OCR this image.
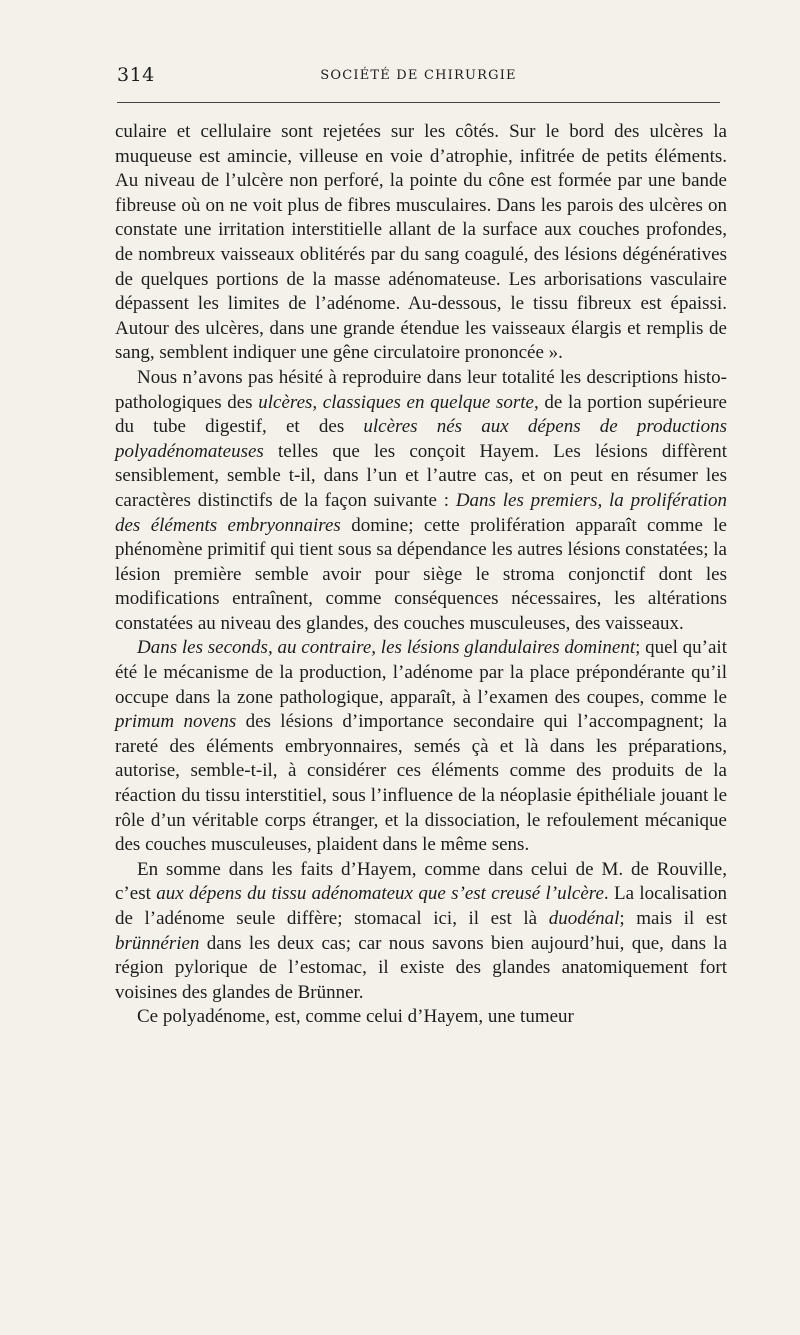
314	SOCIÉTÉ DE CHIRURGIE

culaire et cellulaire sont rejetées sur les côtés. Sur le bord des ulcères la muqueuse est amincie, villeuse en voie d’atrophie, infitrée de petits éléments. Au niveau de l’ulcère non perforé, la pointe du cône est formée par une bande fibreuse où on ne voit plus de fibres musculaires. Dans les parois des ulcères on constate une irritation interstitielle allant de la surface aux couches profondes, de nombreux vaisseaux oblitérés par du sang coagulé, des lésions dégénératives de quelques portions de la masse adénomateuse. Les arborisations vasculaire dépassent les limites de l’adénome. Au-dessous, le tissu fibreux est épaissi. Autour des ulcères, dans une grande étendue les vaisseaux élargis et remplis de sang, semblent indiquer une gêne circulatoire prononcée ».

Nous n’avons pas hésité à reproduire dans leur totalité les descriptions histo-pathologiques des ulcères, classiques en quelque sorte, de la portion supérieure du tube digestif, et des ulcères nés aux dépens de productions polyadénomateuses telles que les conçoit Hayem. Les lésions diffèrent sensiblement, semble t-il, dans l’un et l’autre cas, et on peut en résumer les caractères distinctifs de la façon suivante : Dans les premiers, la prolifération des éléments embryonnaires domine; cette prolifération apparaît comme le phénomène primitif qui tient sous sa dépendance les autres lésions constatées; la lésion première semble avoir pour siège le stroma conjonctif dont les modifications entraînent, comme conséquences nécessaires, les altérations constatées au niveau des glandes, des couches musculeuses, des vaisseaux.

Dans les seconds, au contraire, les lésions glandulaires dominent; quel qu’ait été le mécanisme de la production, l’adénome par la place prépondérante qu’il occupe dans la zone pathologique, apparaît, à l’examen des coupes, comme le primum novens des lésions d’importance secondaire qui l’accompagnent; la rareté des éléments embryonnaires, semés çà et là dans les préparations, autorise, semble-t-il, à considérer ces éléments comme des produits de la réaction du tissu interstitiel, sous l’influence de la néoplasie épithéliale jouant le rôle d’un véritable corps étranger, et la dissociation, le refoulement mécanique des couches musculeuses, plaident dans le même sens.

En somme dans les faits d’Hayem, comme dans celui de M. de Rouville, c’est aux dépens du tissu adénomateux que s’est creusé l’ulcère. La localisation de l’adénome seule diffère; stomacal ici, il est là duodénal; mais il est brünnérien dans les deux cas; car nous savons bien aujourd’hui, que, dans la région pylorique de l’estomac, il existe des glandes anatomiquement fort voisines des glandes de Brünner.

Ce polyadénome, est, comme celui d’Hayem, une tumeur
